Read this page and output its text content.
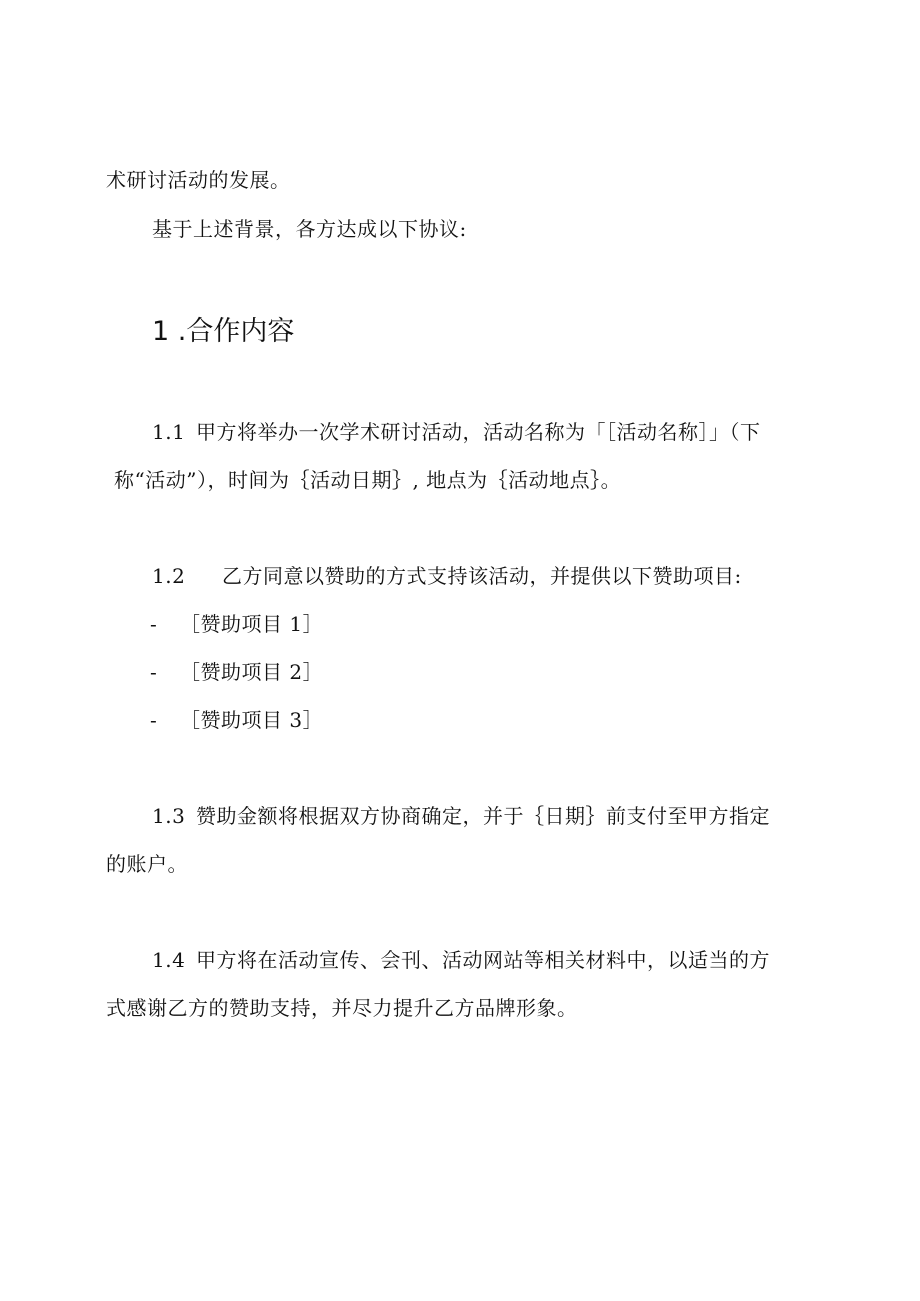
术研讨活动的发展。
基于上述背景，各方达成以下协议:
1 .合作内容
1.1 甲方将举办一次学术研讨活动，活动名称为「［活动名称］」（下
称“活动”），时间为｛活动日期｝, 地点为｛活动地点｝。
1.2 乙方同意以赞助的方式支持该活动，并提供以下赞助项目:
- ［赞助项目 1］
- ［赞助项目 2］
- ［赞助项目 3］
1.3 赞助金额将根据双方协商确定，并于｛日期｝前支付至甲方指定
的账户。
1.4 甲方将在活动宣传、会刊、活动网站等相关材料中，以适当的方
式感谢乙方的赞助支持，并尽力提升乙方品牌形象。
